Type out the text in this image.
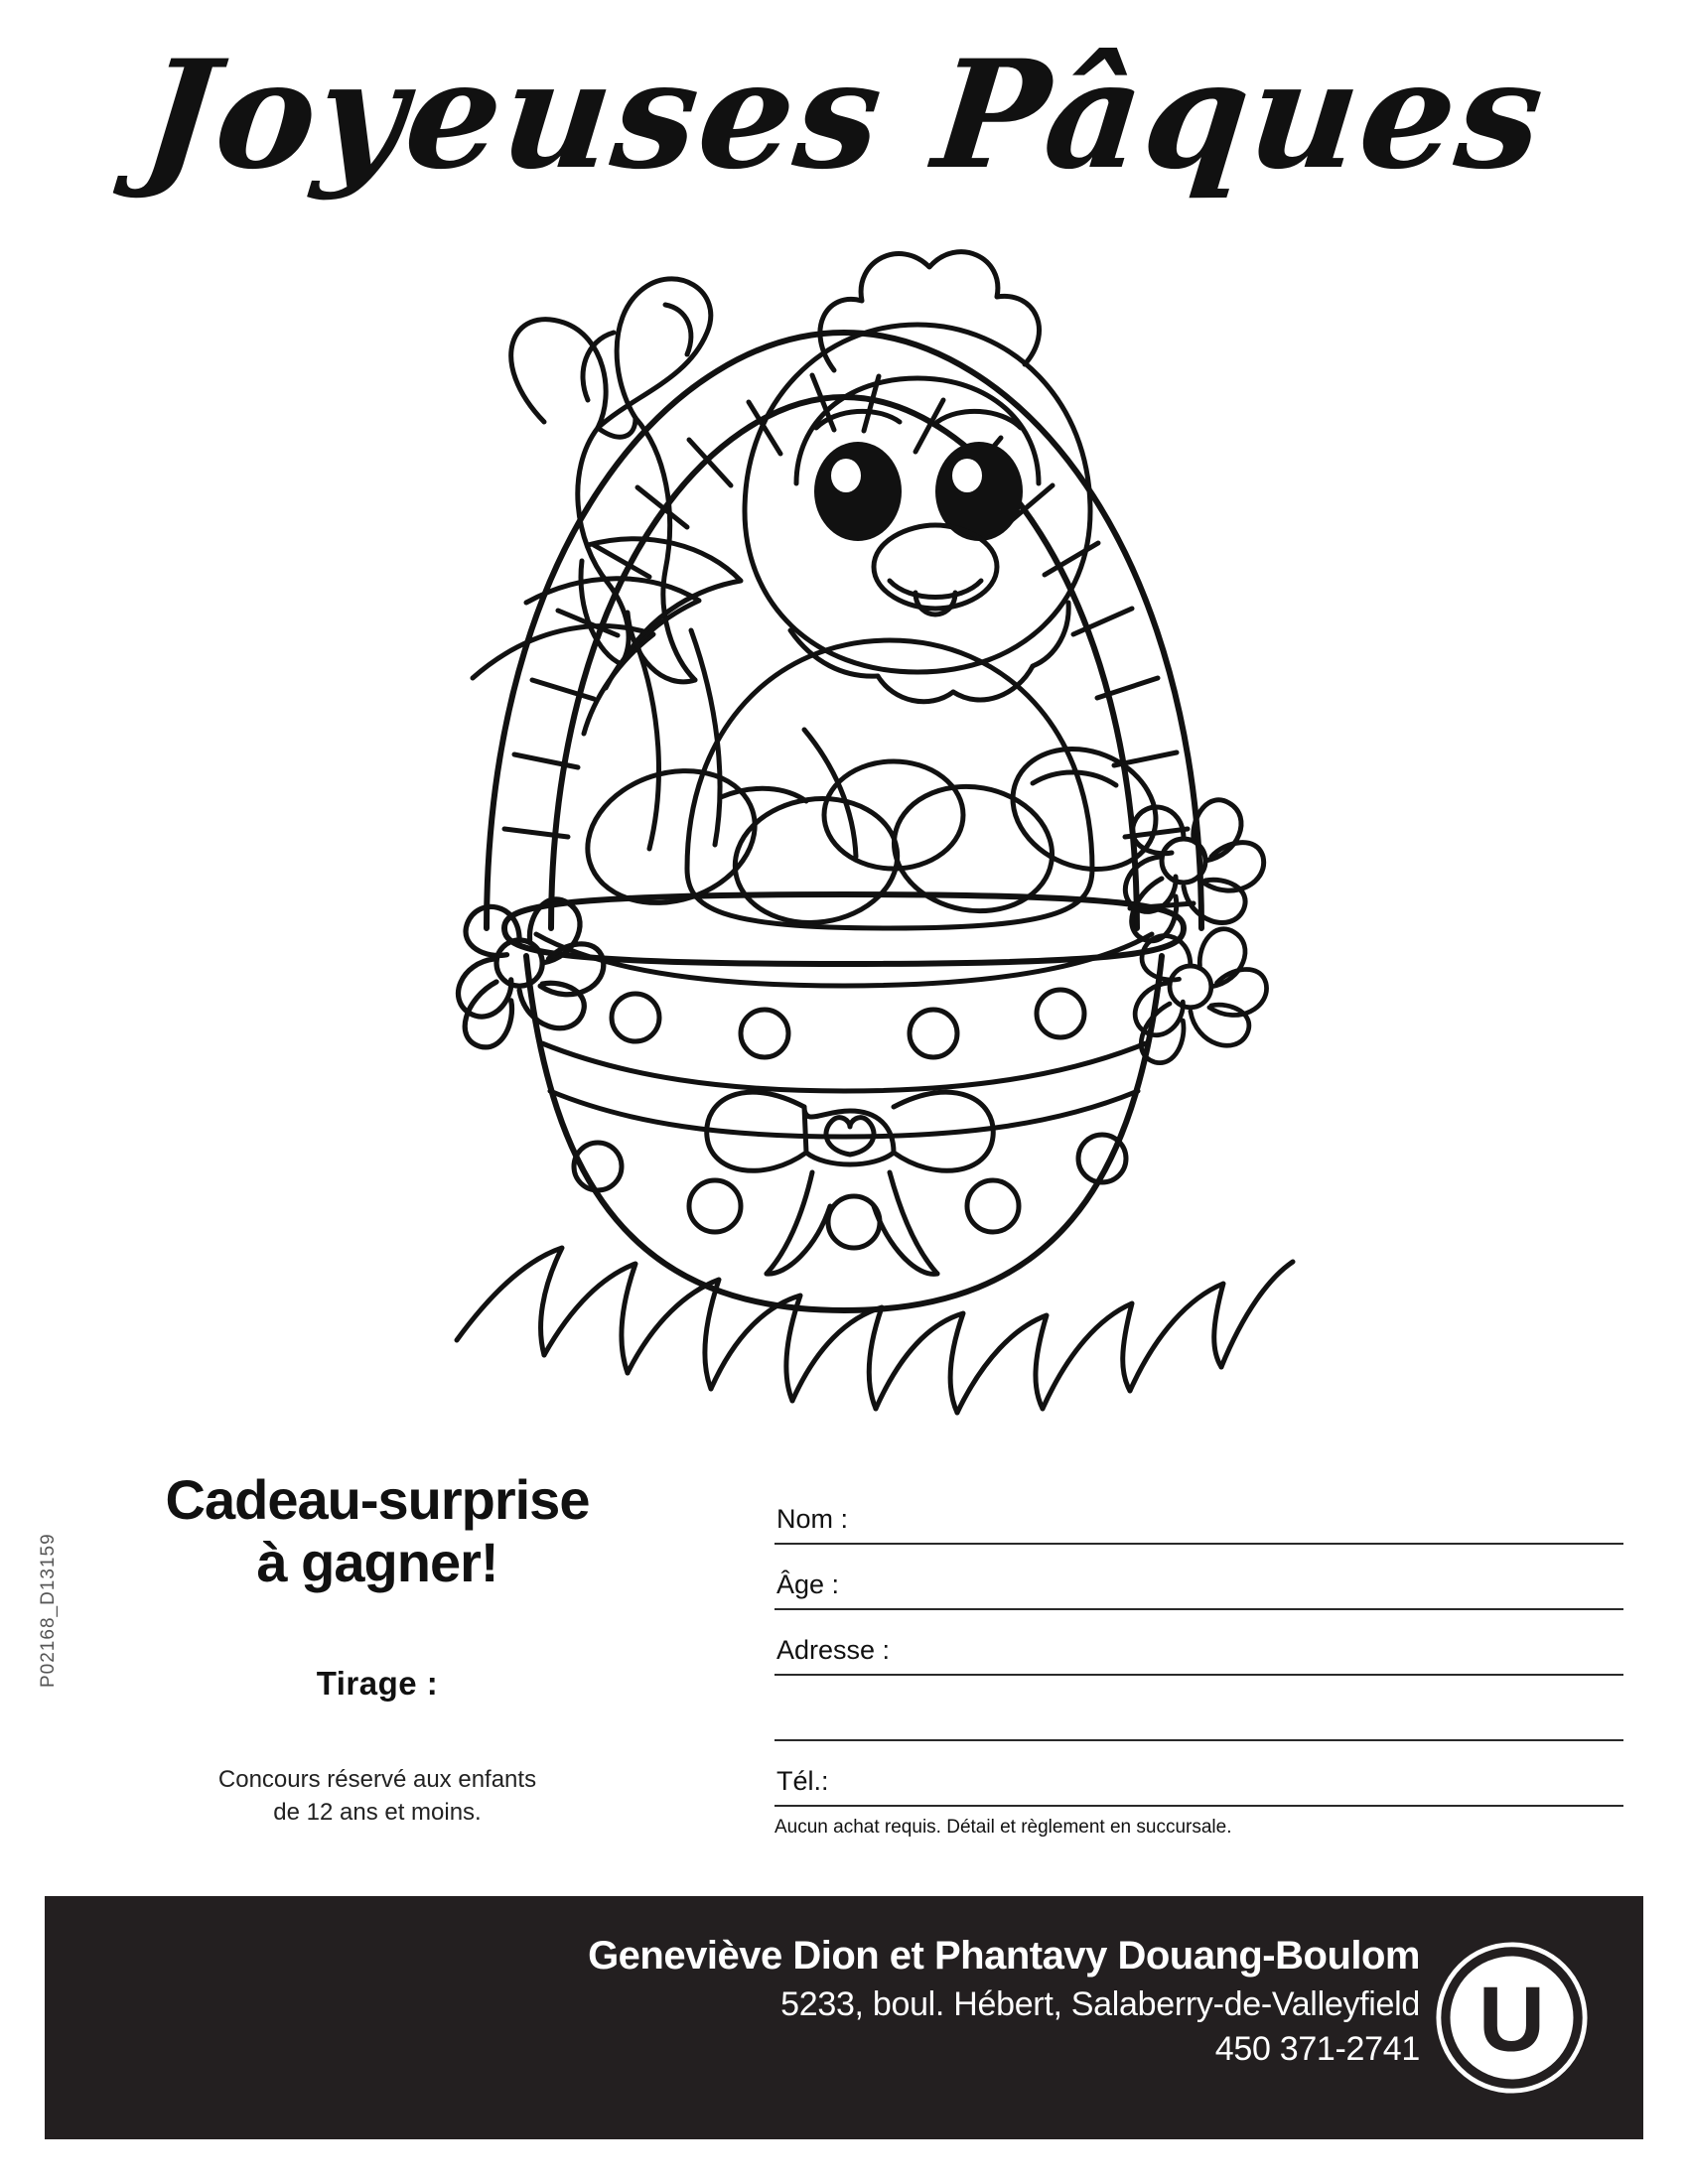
Joyeuses Pâques
P02168_D13159
Cadeau-surprise
à gagner!
Tirage :
Concours réservé aux enfants
de 12 ans et moins.
Nom :
Âge :
Adresse :
Tél.:
Aucun achat requis. Détail et règlement en succursale.
Geneviève Dion et Phantavy Douang-Boulom
5233, boul. Hébert, Salaberry-de-Valleyfield
450 371-2741 U
